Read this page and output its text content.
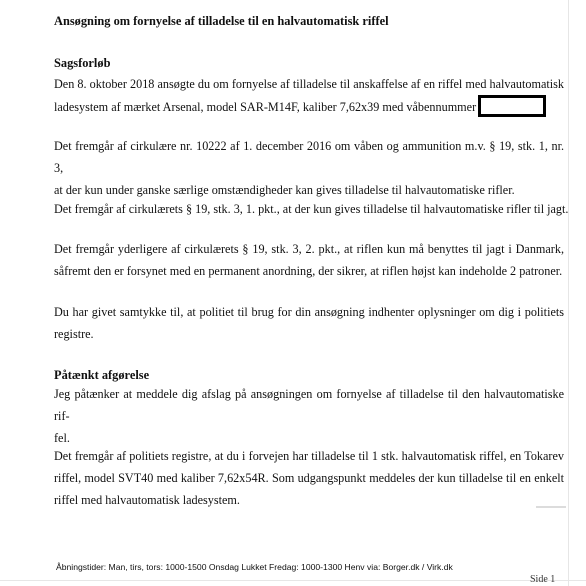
Ansøgning om fornyelse af tilladelse til en halvautomatisk riffel
Sagsforløb
Den 8. oktober 2018 ansøgte du om fornyelse af tilladelse til anskaffelse af en riffel med halvautomatisk
ladesystem af mærket Arsenal, model SAR-M14F, kaliber 7,62x39 med våbennummer
Det fremgår af cirkulære nr. 10222 af 1. december 2016 om våben og ammunition m.v. § 19, stk. 1, nr. 3,
at der kun under ganske særlige omstændigheder kan gives tilladelse til halvautomatiske rifler.
Det fremgår af cirkulærets § 19, stk. 3, 1. pkt., at der kun gives tilladelse til halvautomatiske rifler til jagt.
Det fremgår yderligere af cirkulærets § 19, stk. 3, 2. pkt., at riflen kun må benyttes til jagt i Danmark,
såfremt den er forsynet med en permanent anordning, der sikrer, at riflen højst kan indeholde 2 patroner.
Du har givet samtykke til, at politiet til brug for din ansøgning indhenter oplysninger om dig i politiets
registre.
Påtænkt afgørelse
Jeg påtænker at meddele dig afslag på ansøgningen om fornyelse af tilladelse til den halvautomatiske rif-
fel.
Det fremgår af politiets registre, at du i forvejen har tilladelse til 1 stk. halvautomatisk riffel, en Tokarev
riffel, model SVT40 med kaliber 7,62x54R. Som udgangspunkt meddeles der kun tilladelse til en enkelt
riffel med halvautomatisk ladesystem.
Åbningstider: Man, tirs, tors: 1000-1500 Onsdag Lukket Fredag: 1000-1300 Henv via: Borger.dk / Virk.dk
Side 1
